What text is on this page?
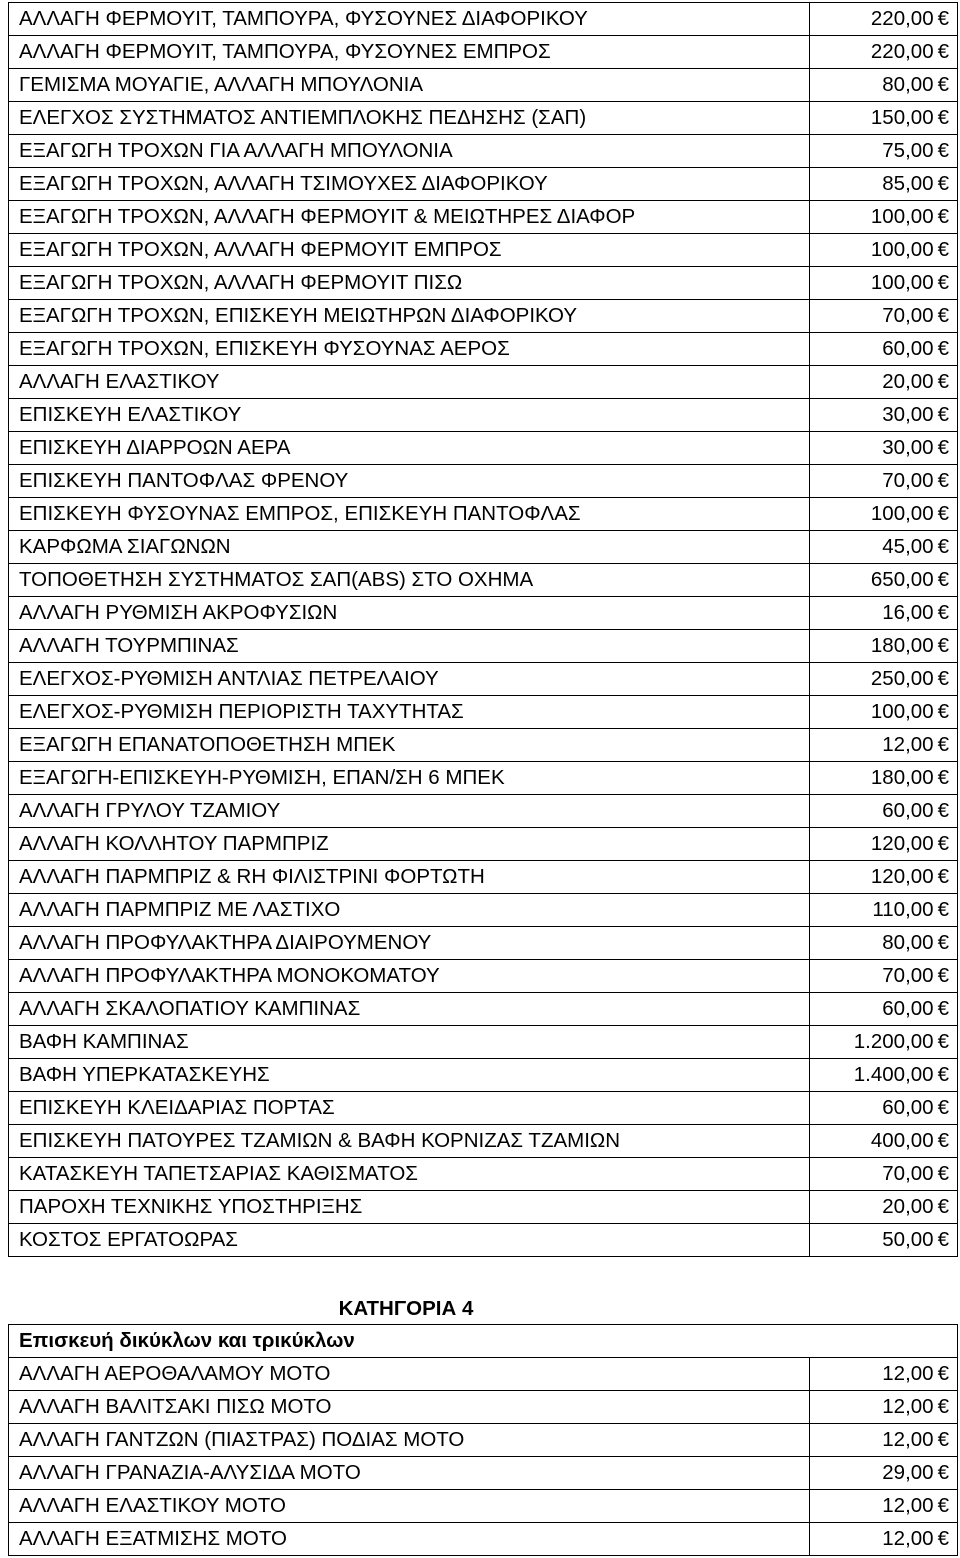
ΑΛΛΑΓΗ ΦΕΡΜΟΥΙΤ, ΤΑΜΠΟΥΡΑ, ΦΥΣΟΥΝΕΣ ΔΙΑΦΟΡΙΚΟΥ	220,00 €
ΑΛΛΑΓΗ ΦΕΡΜΟΥΙΤ, ΤΑΜΠΟΥΡΑ, ΦΥΣΟΥΝΕΣ ΕΜΠΡΟΣ	220,00 €
ΓΕΜΙΣΜΑ ΜΟΥΑΓΙΕ, ΑΛΛΑΓΗ ΜΠΟΥΛΟΝΙΑ	80,00 €
ΕΛΕΓΧΟΣ ΣΥΣΤΗΜΑΤΟΣ ΑΝΤΙΕΜΠΛΟΚΗΣ ΠΕΔΗΣΗΣ (ΣΑΠ)	150,00 €
ΕΞΑΓΩΓΗ ΤΡΟΧΩΝ ΓΙΑ ΑΛΛΑΓΗ ΜΠΟΥΛΟΝΙΑ	75,00 €
ΕΞΑΓΩΓΗ ΤΡΟΧΩΝ, ΑΛΛΑΓΗ ΤΣΙΜΟΥΧΕΣ ΔΙΑΦΟΡΙΚΟΥ	85,00 €
ΕΞΑΓΩΓΗ ΤΡΟΧΩΝ, ΑΛΛΑΓΗ ΦΕΡΜΟΥΙΤ & ΜΕΙΩΤΗΡΕΣ ΔΙΑΦΟΡ	100,00 €
ΕΞΑΓΩΓΗ ΤΡΟΧΩΝ, ΑΛΛΑΓΗ ΦΕΡΜΟΥΙΤ ΕΜΠΡΟΣ	100,00 €
ΕΞΑΓΩΓΗ ΤΡΟΧΩΝ, ΑΛΛΑΓΗ ΦΕΡΜΟΥΙΤ ΠΙΣΩ	100,00 €
ΕΞΑΓΩΓΗ ΤΡΟΧΩΝ, ΕΠΙΣΚΕΥΗ ΜΕΙΩΤΗΡΩΝ ΔΙΑΦΟΡΙΚΟΥ	70,00 €
ΕΞΑΓΩΓΗ ΤΡΟΧΩΝ, ΕΠΙΣΚΕΥΗ ΦΥΣΟΥΝΑΣ ΑΕΡΟΣ	60,00 €
ΑΛΛΑΓΗ ΕΛΑΣΤΙΚΟΥ	20,00 €
ΕΠΙΣΚΕΥΗ ΕΛΑΣΤΙΚΟΥ	30,00 €
ΕΠΙΣΚΕΥΗ ΔΙΑΡΡΟΩΝ ΑΕΡΑ	30,00 €
ΕΠΙΣΚΕΥΗ ΠΑΝΤΟΦΛΑΣ ΦΡΕΝΟΥ	70,00 €
ΕΠΙΣΚΕΥΗ ΦΥΣΟΥΝΑΣ ΕΜΠΡΟΣ, ΕΠΙΣΚΕΥΗ ΠΑΝΤΟΦΛΑΣ	100,00 €
ΚΑΡΦΩΜΑ ΣΙΑΓΩΝΩΝ	45,00 €
ΤΟΠΟΘΕΤΗΣΗ ΣΥΣΤΗΜΑΤΟΣ ΣΑΠ(ABS) ΣΤΟ ΟΧΗΜΑ	650,00 €
ΑΛΛΑΓΗ ΡΥΘΜΙΣΗ ΑΚΡΟΦΥΣΙΩΝ	16,00 €
ΑΛΛΑΓΗ ΤΟΥΡΜΠΙΝΑΣ	180,00 €
ΕΛΕΓΧΟΣ-ΡΥΘΜΙΣΗ ΑΝΤΛΙΑΣ ΠΕΤΡΕΛΑΙΟΥ	250,00 €
ΕΛΕΓΧΟΣ-ΡΥΘΜΙΣΗ ΠΕΡΙΟΡΙΣΤΗ ΤΑΧΥΤΗΤΑΣ	100,00 €
ΕΞΑΓΩΓΗ ΕΠΑΝΑΤΟΠΟΘΕΤΗΣΗ ΜΠΕΚ	12,00 €
ΕΞΑΓΩΓΗ-ΕΠΙΣΚΕΥΗ-ΡΥΘΜΙΣΗ, ΕΠΑΝ/ΣΗ 6 ΜΠΕΚ	180,00 €
ΑΛΛΑΓΗ ΓΡΥΛΟΥ ΤΖΑΜΙΟΥ	60,00 €
ΑΛΛΑΓΗ ΚΟΛΛΗΤΟΥ ΠΑΡΜΠΡΙΖ	120,00 €
ΑΛΛΑΓΗ ΠΑΡΜΠΡΙΖ & RH ΦΙΛΙΣΤΡΙΝΙ ΦΟΡΤΩΤΗ	120,00 €
ΑΛΛΑΓΗ ΠΑΡΜΠΡΙΖ ΜΕ ΛΑΣΤΙΧΟ	110,00 €
ΑΛΛΑΓΗ ΠΡΟΦΥΛΑΚΤΗΡΑ ΔΙΑΙΡΟΥΜΕΝΟΥ	80,00 €
ΑΛΛΑΓΗ ΠΡΟΦΥΛΑΚΤΗΡΑ ΜΟΝΟΚΟΜΑΤΟΥ	70,00 €
ΑΛΛΑΓΗ ΣΚΑΛΟΠΑΤΙΟΥ ΚΑΜΠΙΝΑΣ	60,00 €
ΒΑΦΗ ΚΑΜΠΙΝΑΣ	1.200,00 €
ΒΑΦΗ ΥΠΕΡΚΑΤΑΣΚΕΥΗΣ	1.400,00 €
ΕΠΙΣΚΕΥΗ ΚΛΕΙΔΑΡΙΑΣ ΠΟΡΤΑΣ	60,00 €
ΕΠΙΣΚΕΥΗ ΠΑΤΟΥΡΕΣ ΤΖΑΜΙΩΝ & ΒΑΦΗ ΚΟΡΝΙΖΑΣ ΤΖΑΜΙΩΝ	400,00 €
ΚΑΤΑΣΚΕΥΗ ΤΑΠΕΤΣΑΡΙΑΣ ΚΑΘΙΣΜΑΤΟΣ	70,00 €
ΠΑΡΟΧΗ ΤΕΧΝΙΚΗΣ ΥΠΟΣΤΗΡΙΞΗΣ	20,00 €
ΚΟΣΤΟΣ ΕΡΓΑΤΟΩΡΑΣ	50,00 €
ΚΑΤΗΓΟΡΙΑ 4
Επισκευή δικύκλων και τρικύκλων	
ΑΛΛΑΓΗ ΑΕΡΟΘΑΛΑΜΟΥ ΜΟΤΟ	12,00 €
ΑΛΛΑΓΗ ΒΑΛΙΤΣΑΚΙ ΠΙΣΩ ΜΟΤΟ	12,00 €
ΑΛΛΑΓΗ ΓΑΝΤΖΩΝ (ΠΙΑΣΤΡΑΣ) ΠΟΔΙΑΣ ΜΟΤΟ	12,00 €
ΑΛΛΑΓΗ ΓΡΑΝΑΖΙΑ-ΑΛΥΣΙΔΑ ΜΟΤΟ	29,00 €
ΑΛΛΑΓΗ ΕΛΑΣΤΙΚΟΥ ΜΟΤΟ	12,00 €
ΑΛΛΑΓΗ ΕΞΑΤΜΙΣΗΣ ΜΟΤΟ	12,00 €
